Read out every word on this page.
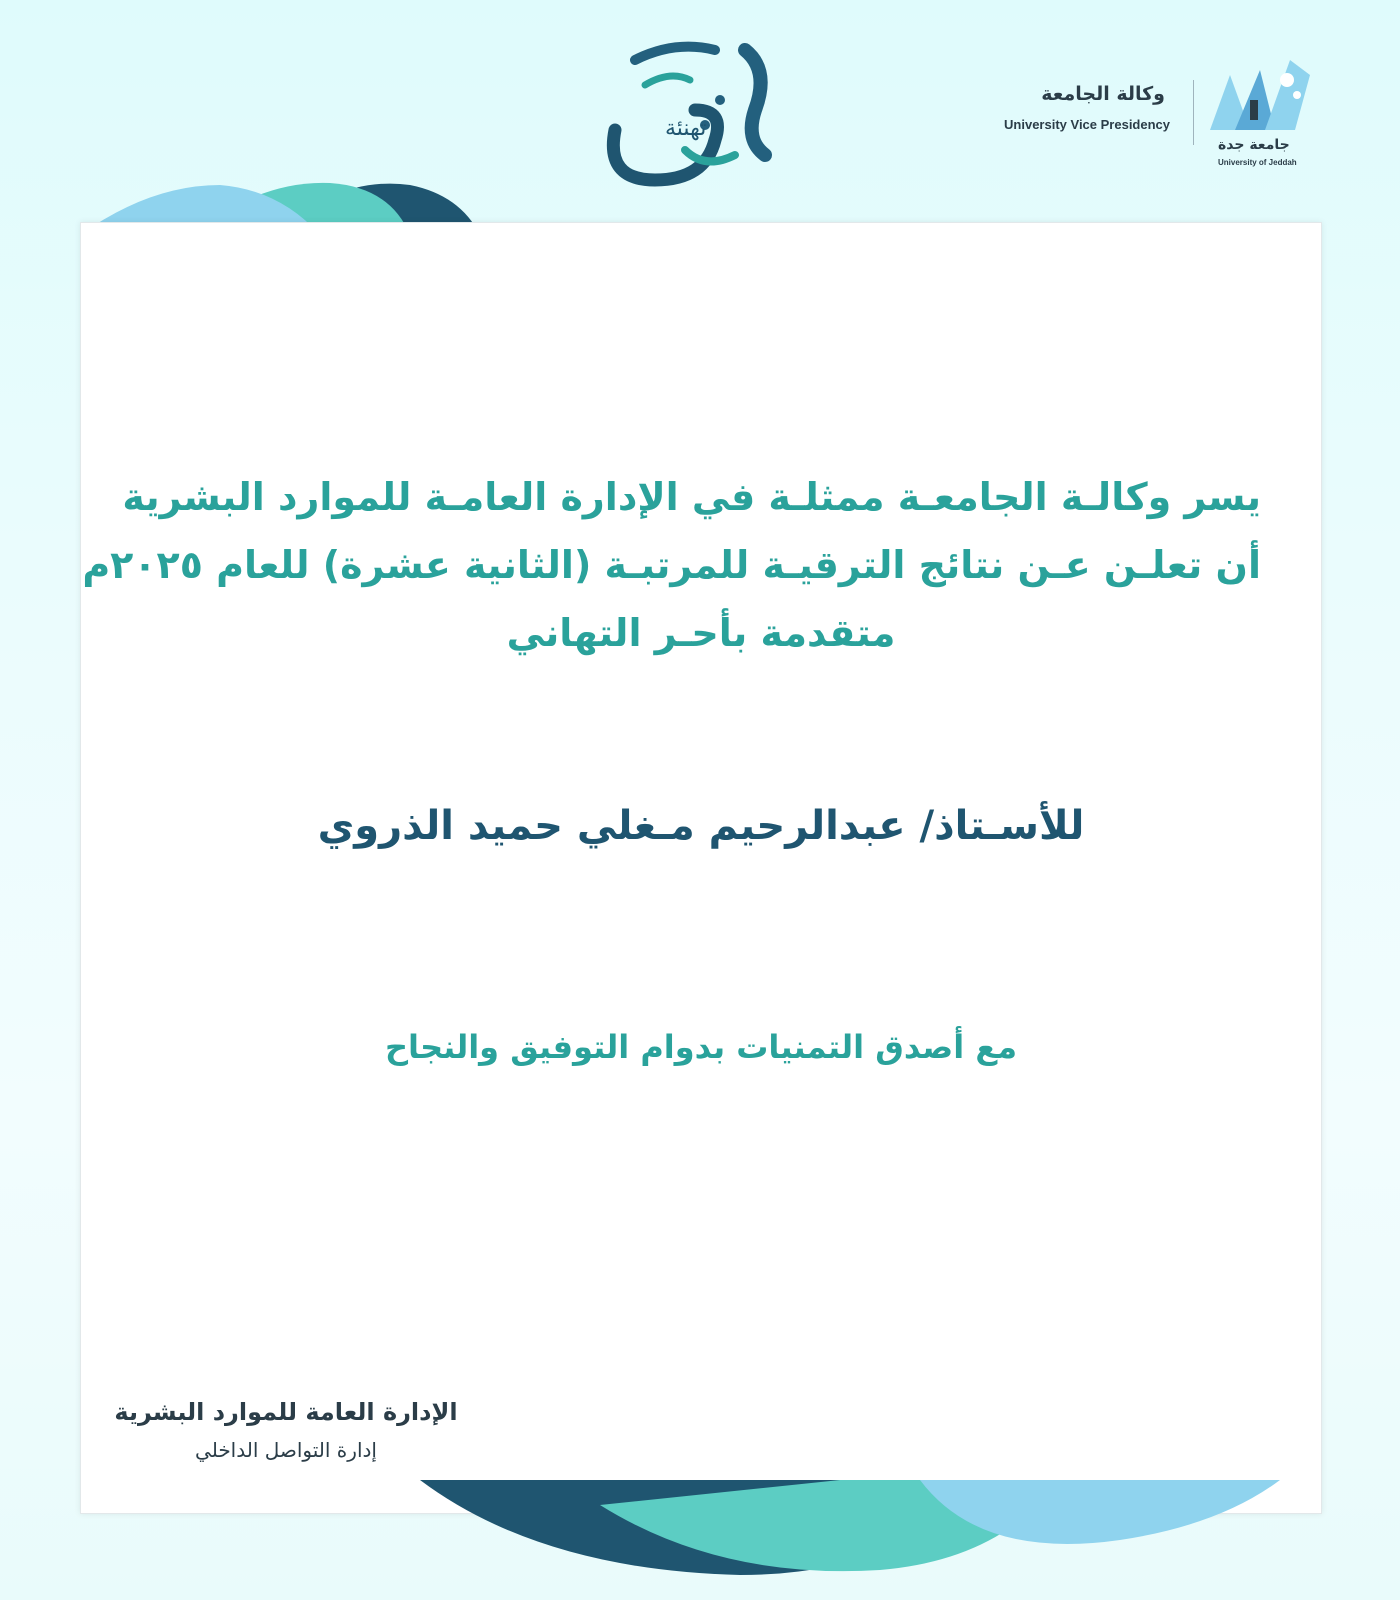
تهنئة
وكالة الجامعة
University Vice Presidency
جامعة جدة
University of Jeddah
يسر وكالـة الجامعـة ممثلـة في الإدارة العامـة للموارد البشرية
أن تعلـن عـن نتائج الترقيـة للمرتبـة (الثانية عشرة) للعام ٢٠٢٥م
متقدمة بأحـر التهاني
للأسـتاذ/ عبدالرحيم مـغلي حميد الذروي
مع أصدق التمنيات بدوام التوفيق والنجاح
الإدارة العامة للموارد البشرية
إدارة التواصل الداخلي
